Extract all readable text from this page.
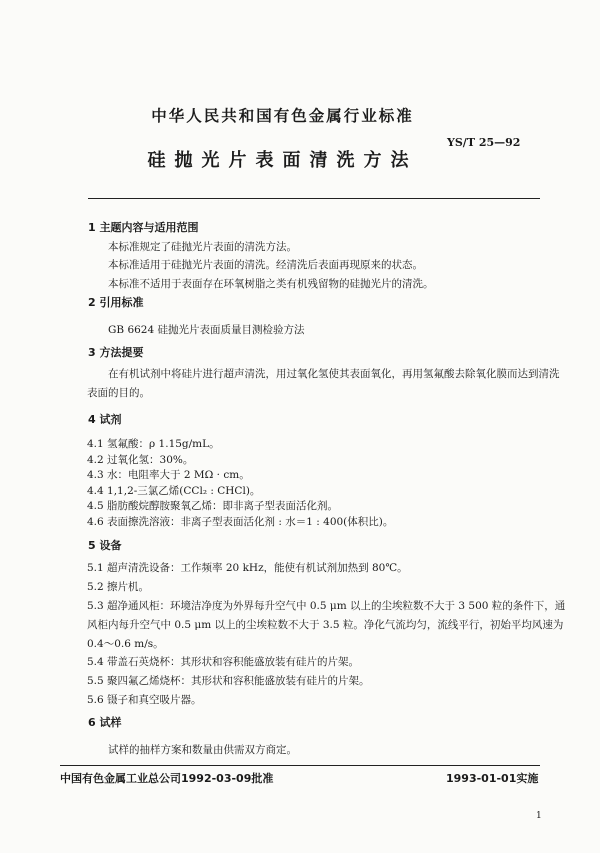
中华人民共和国有色金属行业标准
YS/T 25—92
硅抛光片表面清洗方法
1 主题内容与适用范围
本标准规定了硅抛光片表面的清洗方法。
本标准适用于硅抛光片表面的清洗。经清洗后表面再现原来的状态。
本标准不适用于表面存在环氧树脂之类有机残留物的硅抛光片的清洗。
2 引用标准
GB 6624 硅抛光片表面质量目测检验方法
3 方法提要
在有机试剂中将硅片进行超声清洗，用过氧化氢使其表面氧化，再用氢氟酸去除氧化膜而达到清洗
表面的目的。
4 试剂
4.1 氢氟酸：ρ 1.15g/mL。
4.2 过氧化氢：30%。
4.3 水：电阻率大于 2 MΩ · cm。
4.4 1,1,2-三氯乙烯(CCl₂ : CHCl)。
4.5 脂肪酸烷醇胺聚氧乙烯：即非离子型表面活化剂。
4.6 表面擦洗溶液：非离子型表面活化剂 : 水＝1 : 400(体积比)。
5 设备
5.1 超声清洗设备：工作频率 20 kHz，能使有机试剂加热到 80℃。
5.2 擦片机。
5.3 超净通风柜：环境洁净度为外界每升空气中 0.5 μm 以上的尘埃粒数不大于 3 500 粒的条件下，通
风柜内每升空气中 0.5 μm 以上的尘埃粒数不大于 3.5 粒。净化气流均匀，流线平行，初始平均风速为
0.4～0.6 m/s。
5.4 带盖石英烧杯：其形状和容积能盛放装有硅片的片架。
5.5 聚四氟乙烯烧杯：其形状和容积能盛放装有硅片的片架。
5.6 镊子和真空吸片器。
6 试样
试样的抽样方案和数量由供需双方商定。
中国有色金属工业总公司1992-03-09批准	1993-01-01实施
1
